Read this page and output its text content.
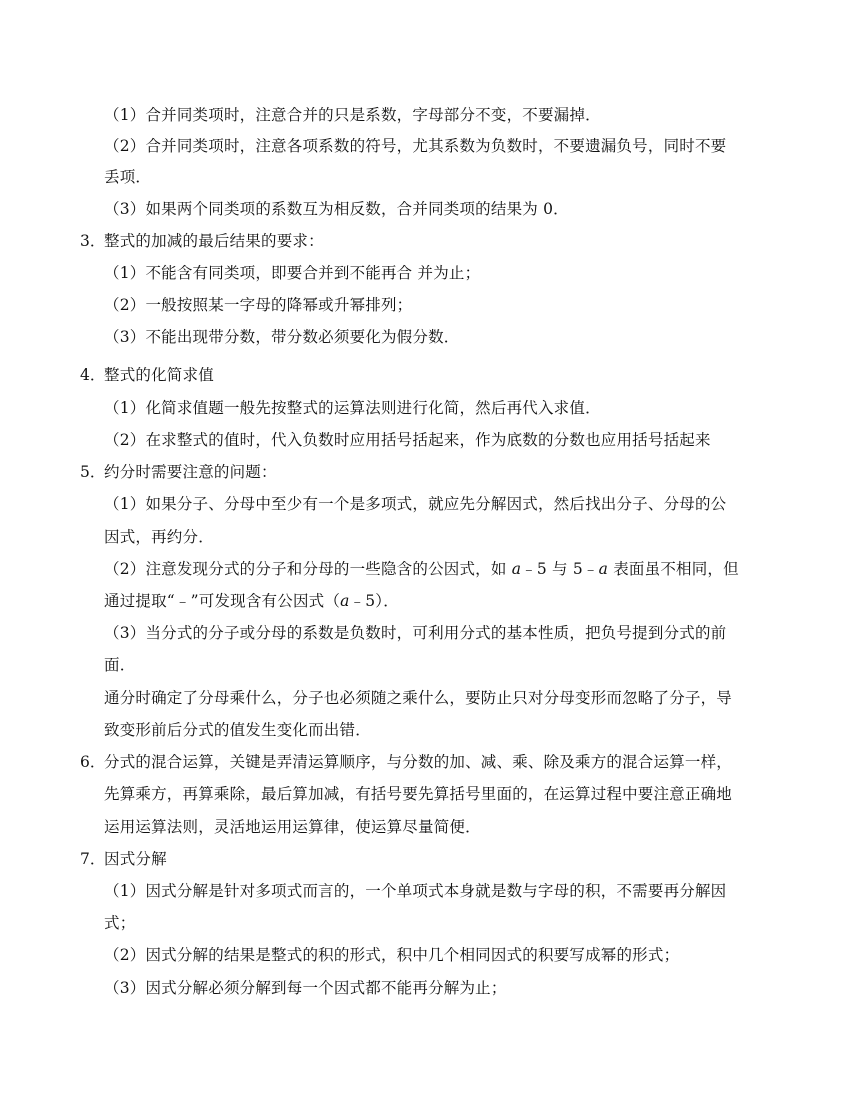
（1）合并同类项时，注意合并的只是系数，字母部分不变，不要漏掉．
（2）合并同类项时，注意各项系数的符号，尤其系数为负数时，不要遗漏负号，同时不要
丢项．
（3）如果两个同类项的系数互为相反数，合并同类项的结果为 0．
3．
整式的加减的最后结果的要求：
（1）不能含有同类项，即要合并到不能再合 并为止；
（2）一般按照某一字母的降幂或升幂排列；
（3）不能出现带分数，带分数必须要化为假分数．
4．
整式的化简求值
（1）化简求值题一般先按整式的运算法则进行化简，然后再代入求值．
（2）在求整式的值时，代入负数时应用括号括起来，作为底数的分数也应用括号括起来
5．
约分时需要注意的问题：
（1）如果分子、分母中至少有一个是多项式，就应先分解因式，然后找出分子、分母的公
因式，再约分．
（2）注意发现分式的分子和分母的一些隐含的公因式，如 a﹣5 与 5﹣a 表面虽不相同，但
通过提取“﹣”可发现含有公因式（a﹣5）．
（3）当分式的分子或分母的系数是负数时，可利用分式的基本性质，把负号提到分式的前
面．
通分时确定了分母乘什么，分子也必须随之乘什么，要防止只对分母变形而忽略了分子，导
致变形前后分式的值发生变化而出错．
6．
分式的混合运算，关键是弄清运算顺序，与分数的加、减、乘、除及乘方的混合运算一样，
先算乘方，再算乘除，最后算加减，有括号要先算括号里面的，在运算过程中要注意正确地
运用运算法则，灵活地运用运算律，使运算尽量简便．
7．
因式分解
（1）因式分解是针对多项式而言的，一个单项式本身就是数与字母的积，不需要再分解因
式；
（2）因式分解的结果是整式的积的形式，积中几个相同因式的积要写成幂的形式；
（3）因式分解必须分解到每一个因式都不能再分解为止；
